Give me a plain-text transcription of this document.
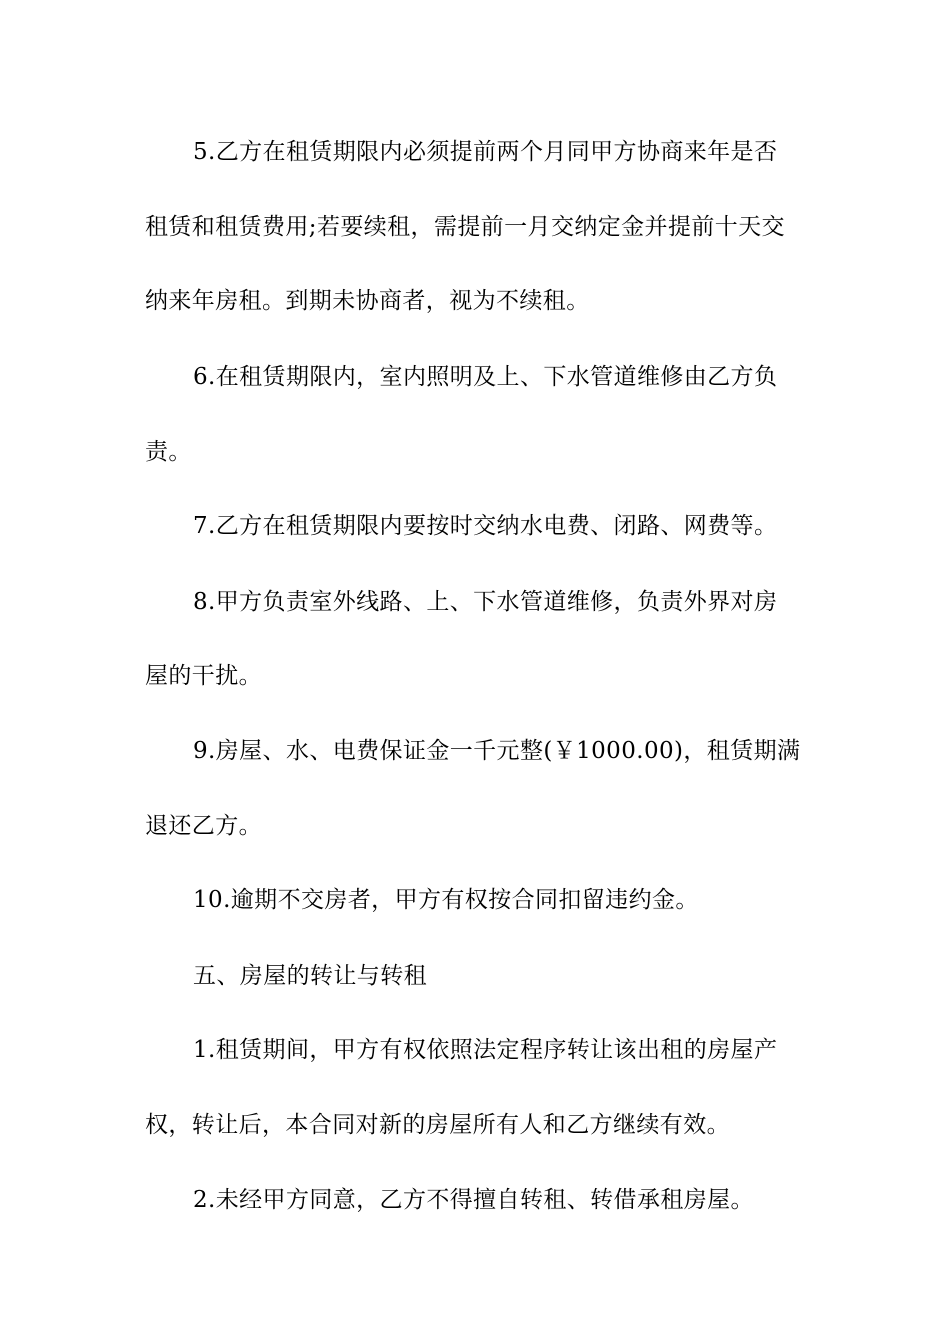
5.乙方在租赁期限内必须提前两个月同甲方协商来年是否
租赁和租赁费用;若要续租，需提前一月交纳定金并提前十天交
纳来年房租。到期未协商者，视为不续租。
6.在租赁期限内，室内照明及上、下水管道维修由乙方负
责。
7.乙方在租赁期限内要按时交纳水电费、闭路、网费等。
8.甲方负责室外线路、上、下水管道维修，负责外界对房
屋的干扰。
9.房屋、水、电费保证金一千元整(￥1000.00)，租赁期满
退还乙方。
10.逾期不交房者，甲方有权按合同扣留违约金。
五、房屋的转让与转租
1.租赁期间，甲方有权依照法定程序转让该出租的房屋产
权，转让后，本合同对新的房屋所有人和乙方继续有效。
2.未经甲方同意，乙方不得擅自转租、转借承租房屋。
